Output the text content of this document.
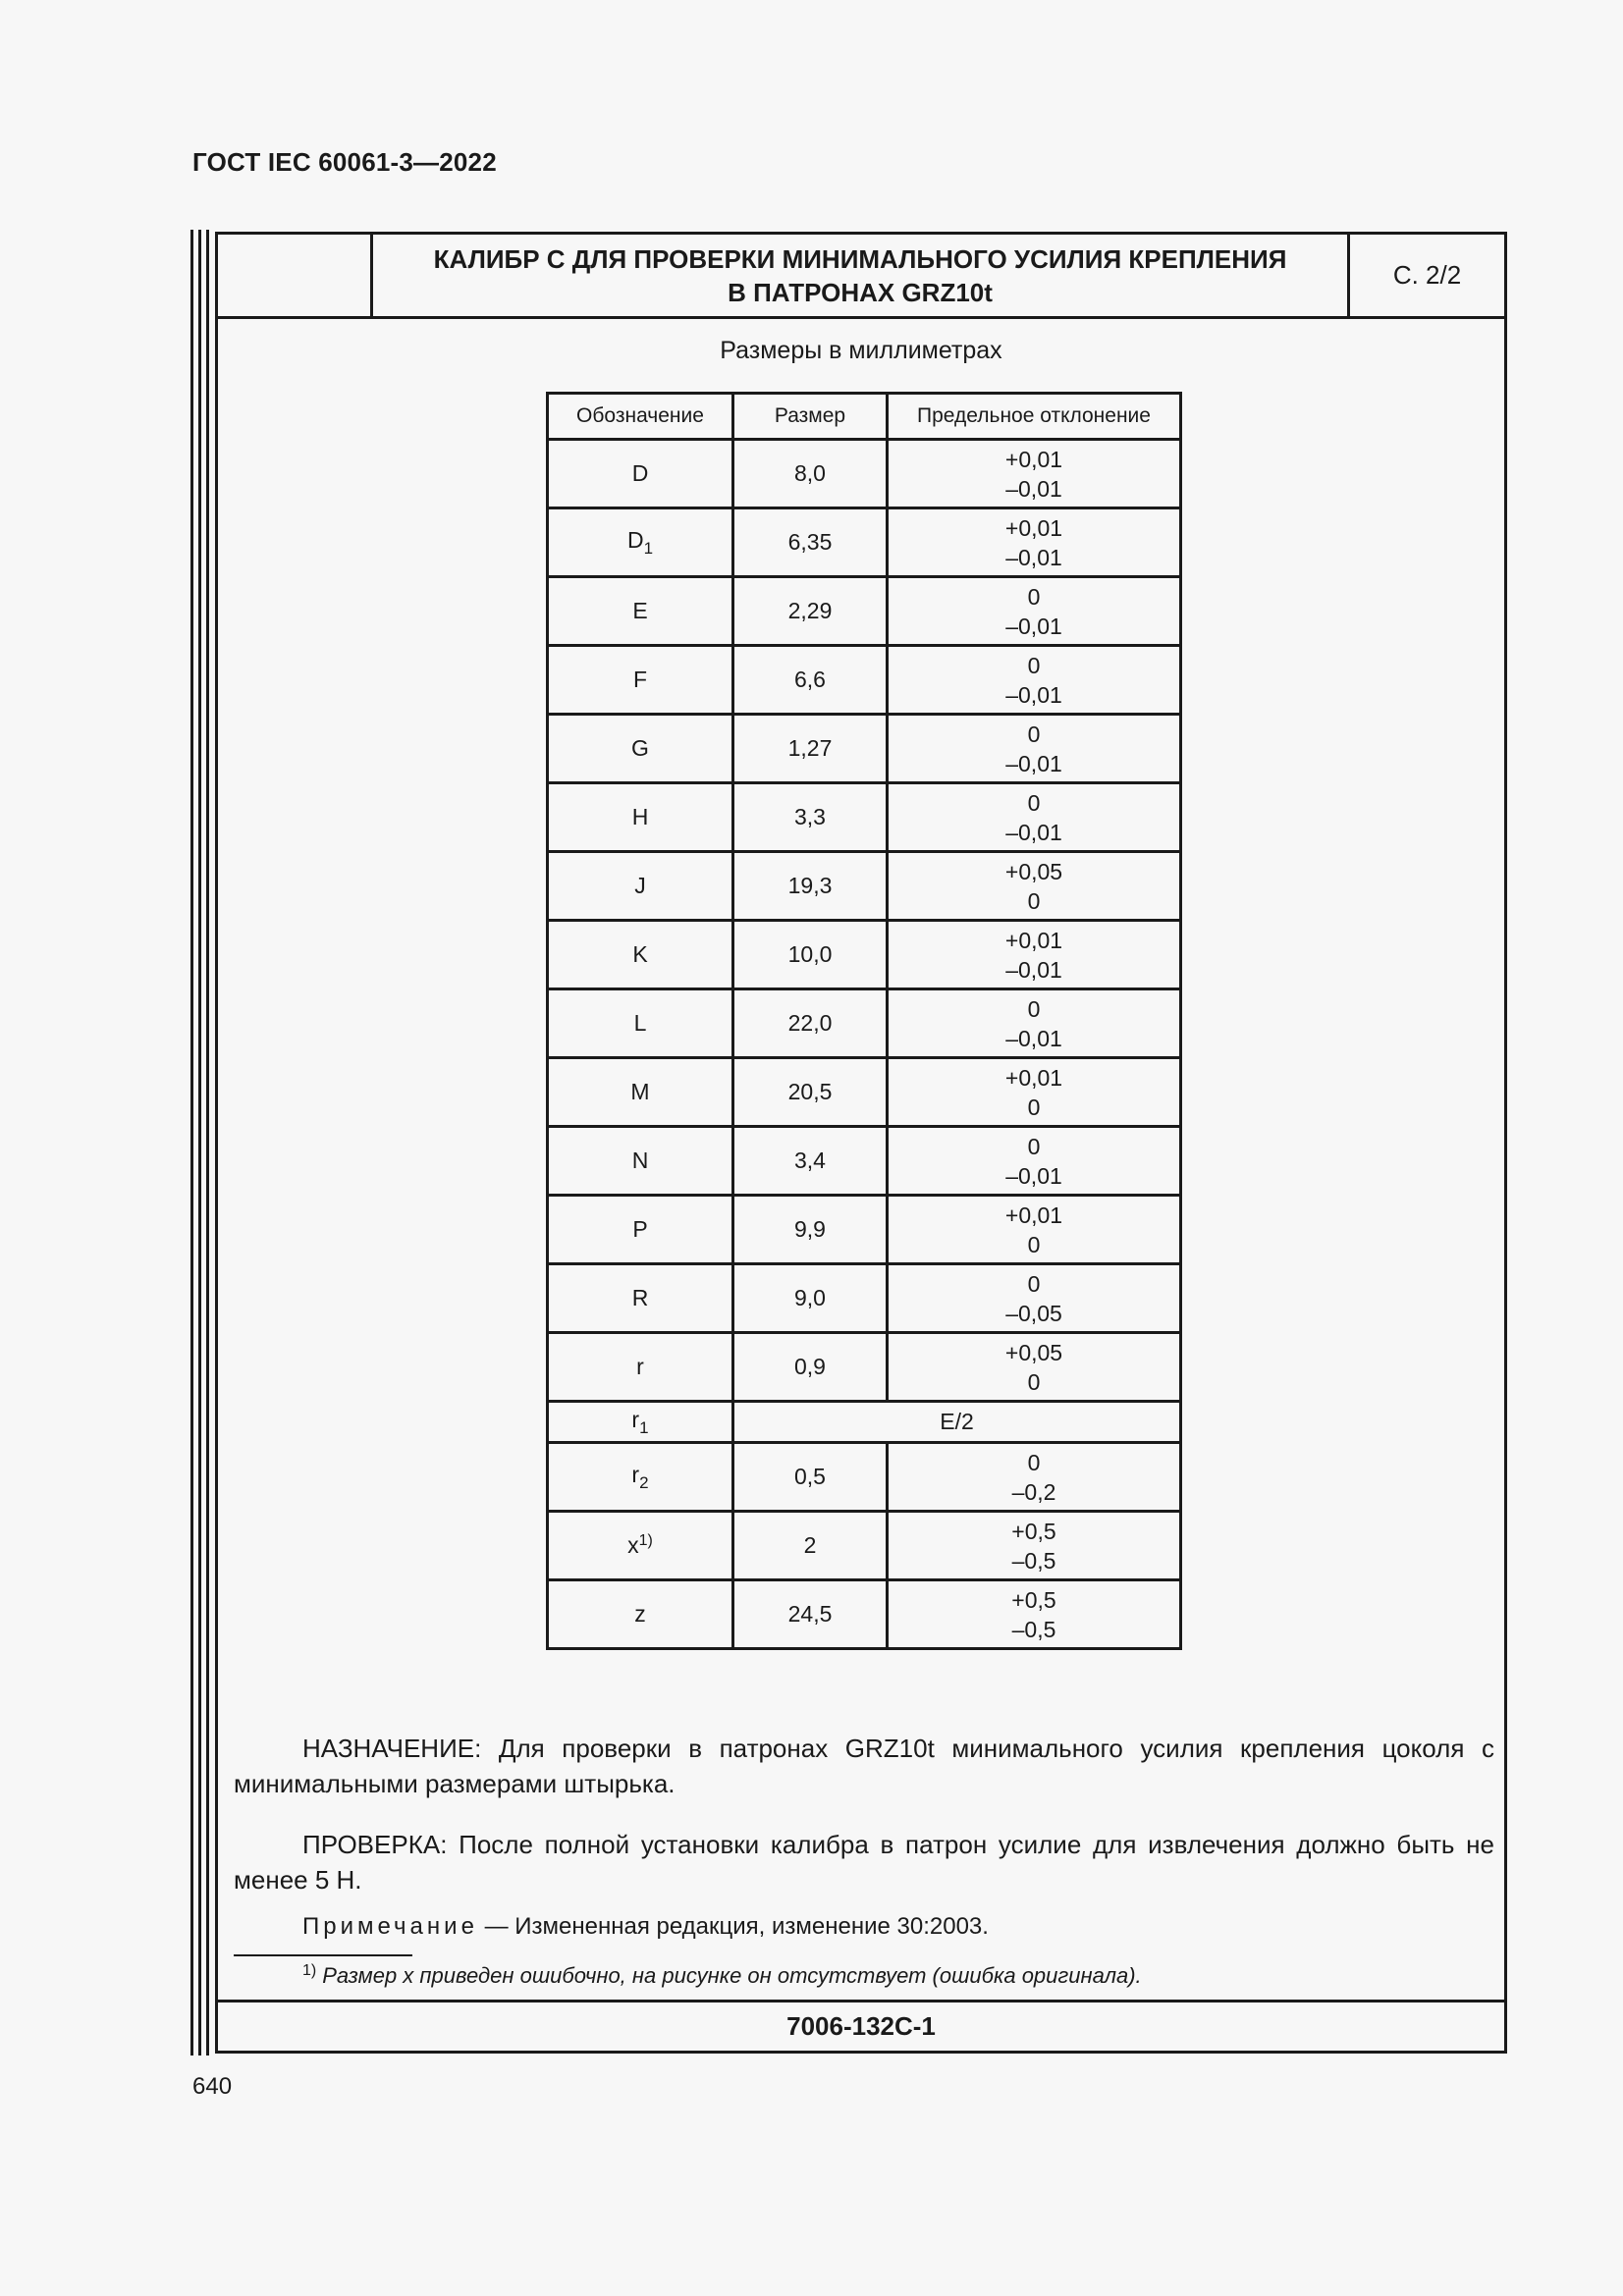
ГОСТ IEC 60061-3—2022
КАЛИБР С ДЛЯ ПРОВЕРКИ МИНИМАЛЬНОГО УСИЛИЯ КРЕПЛЕНИЯ
В ПАТРОНАХ GRZ10t
С. 2/2
Размеры в миллиметрах
Обозначение	Размер	Предельное отклонение
D	8,0	+0,01
–0,01

$D_1$	6,35	+0,01
–0,01

E	2,29	0
–0,01

F	6,6	0
–0,01

G	1,27	0
–0,01

H	3,3	0
–0,01

J	19,3	+0,05
0

K	10,0	+0,01
–0,01

L	22,0	0
–0,01

M	20,5	+0,01
0

N	3,4	0
–0,01

P	9,9	+0,01
0

R	9,0	0
–0,05

r	0,9	+0,05
0

$r_1$	E/2	
$r_2$	0,5	0
–0,2

$x^{1)}$	2	+0,5
–0,5

z	24,5	+0,5
–0,5
НАЗНАЧЕНИЕ: Для проверки в патронах GRZ10t минимального усилия крепления цоколя с минимальными размерами штырька.
ПРОВЕРКА: После полной установки калибра в патрон усилие для извлечения должно быть не менее 5 Н.
Примечание — Измененная редакция, изменение 30:2003.
$^{1)}$ Размер х приведен ошибочно, на рисунке он отсутствует (ошибка оригинала).
7006-132С-1
640
